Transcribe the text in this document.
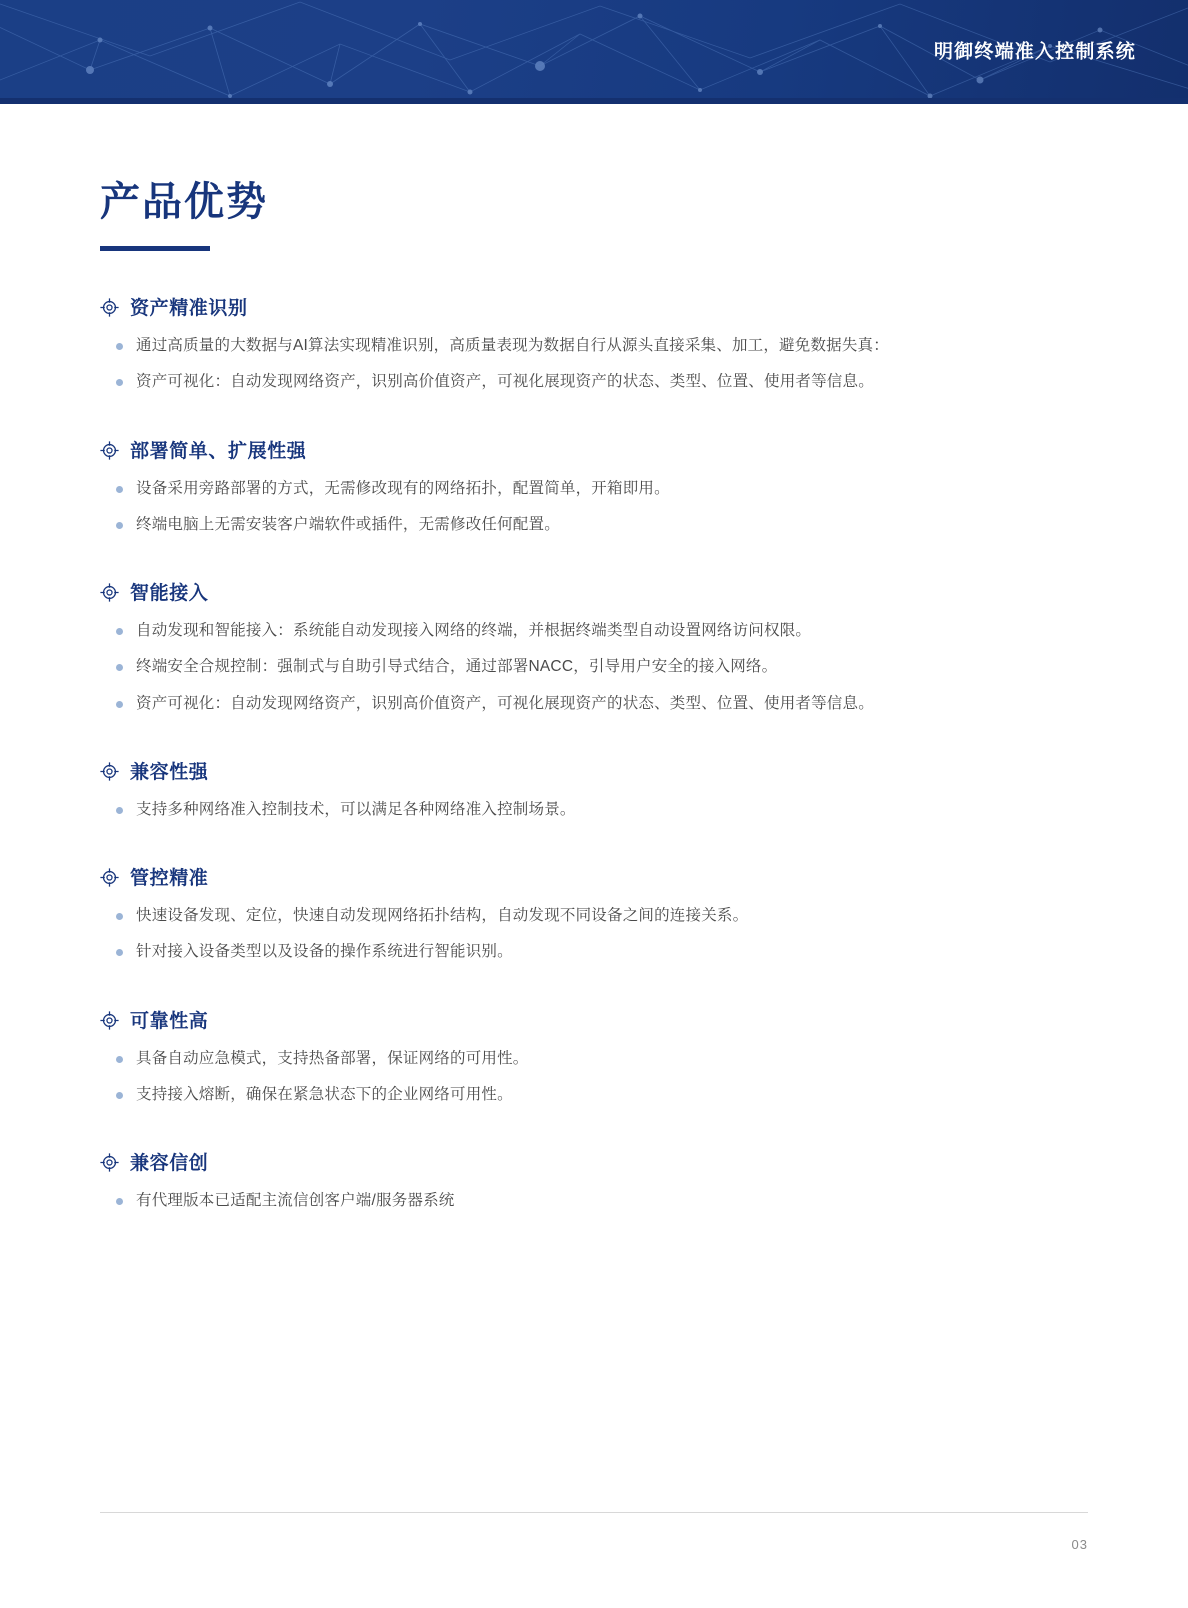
明御终端准入控制系统
产品优势
资产精准识别
通过高质量的大数据与AI算法实现精准识别，高质量表现为数据自行从源头直接采集、加工，避免数据失真：
资产可视化：自动发现网络资产，识别高价值资产，可视化展现资产的状态、类型、位置、使用者等信息。
部署简单、扩展性强
设备采用旁路部署的方式，无需修改现有的网络拓扑，配置简单，开箱即用。
终端电脑上无需安装客户端软件或插件，无需修改任何配置。
智能接入
自动发现和智能接入：系统能自动发现接入网络的终端，并根据终端类型自动设置网络访问权限。
终端安全合规控制：强制式与自助引导式结合，通过部署NACC，引导用户安全的接入网络。
资产可视化：自动发现网络资产，识别高价值资产，可视化展现资产的状态、类型、位置、使用者等信息。
兼容性强
支持多种网络准入控制技术，可以满足各种网络准入控制场景。
管控精准
快速设备发现、定位，快速自动发现网络拓扑结构，自动发现不同设备之间的连接关系。
针对接入设备类型以及设备的操作系统进行智能识别。
可靠性高
具备自动应急模式，支持热备部署，保证网络的可用性。
支持接入熔断，确保在紧急状态下的企业网络可用性。
兼容信创
有代理版本已适配主流信创客户端/服务器系统
03
